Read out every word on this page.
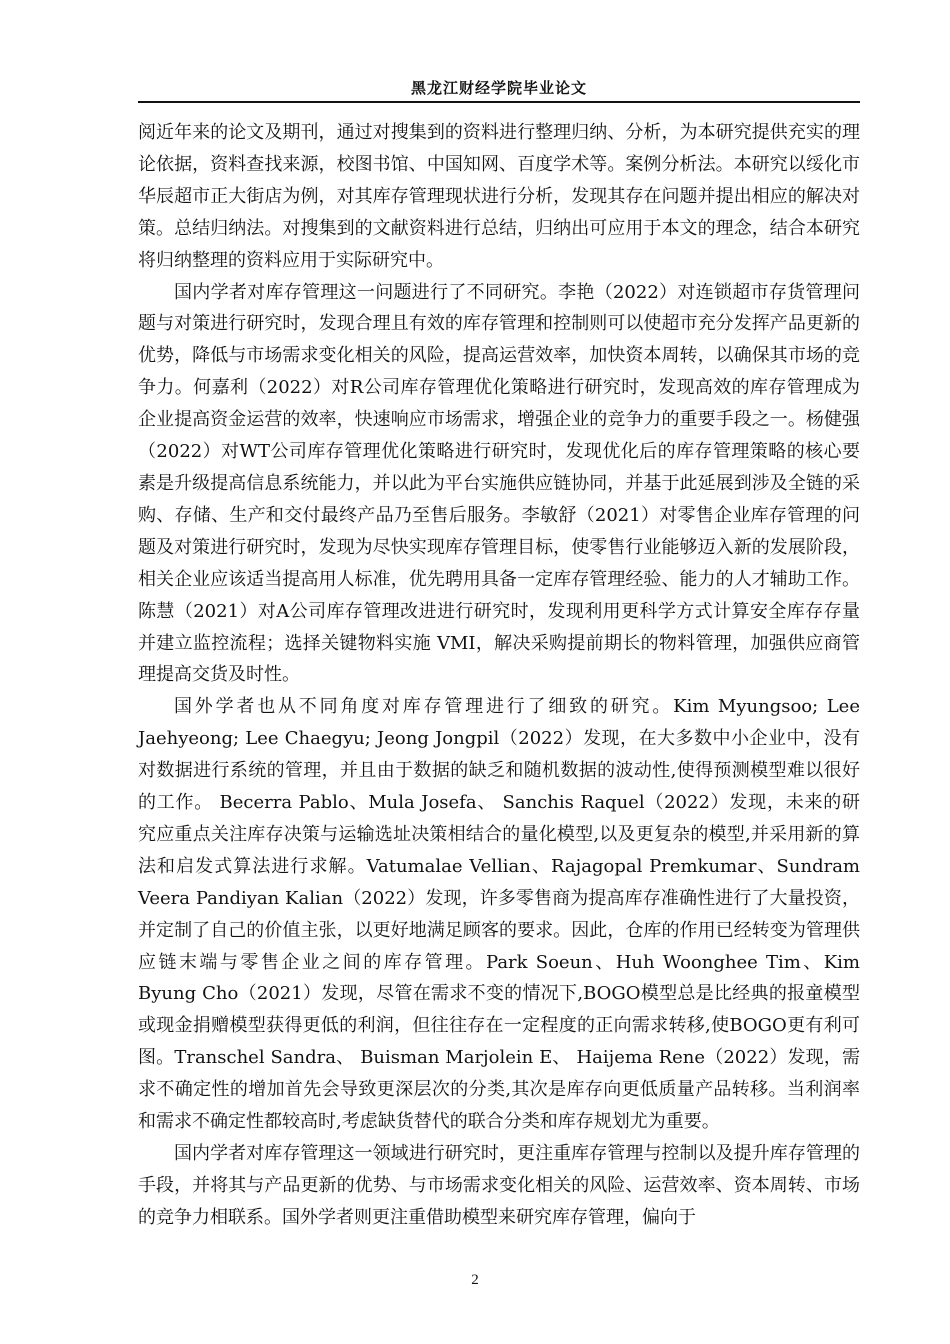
黑龙江财经学院毕业论文

阅近年来的论文及期刊，通过对搜集到的资料进行整理归纳、分析，为本研究提供充实的理论依据，资料查找来源，校图书馆、中国知网、百度学术等。案例分析法。本研究以绥化市华辰超市正大街店为例，对其库存管理现状进行分析，发现其存在问题并提出相应的解决对策。总结归纳法。对搜集到的文献资料进行总结，归纳出可应用于本文的理念，结合本研究将归纳整理的资料应用于实际研究中。

国内学者对库存管理这一问题进行了不同研究。李艳（2022）对连锁超市存货管理问题与对策进行研究时，发现合理且有效的库存管理和控制则可以使超市充分发挥产品更新的优势，降低与市场需求变化相关的风险，提高运营效率，加快资本周转，以确保其市场的竞争力。何嘉利（2022）对R公司库存管理优化策略进行研究时，发现高效的库存管理成为企业提高资金运营的效率，快速响应市场需求，增强企业的竞争力的重要手段之一。杨健强（2022）对WT公司库存管理优化策略进行研究时，发现优化后的库存管理策略的核心要素是升级提高信息系统能力，并以此为平台实施供应链协同，并基于此延展到涉及全链的采购、存储、生产和交付最终产品乃至售后服务。李敏舒（2021）对零售企业库存管理的问题及对策进行研究时，发现为尽快实现库存管理目标，使零售行业能够迈入新的发展阶段，相关企业应该适当提高用人标准，优先聘用具备一定库存管理经验、能力的人才辅助工作。陈慧（2021）对A公司库存管理改进进行研究时，发现利用更科学方式计算安全库存存量并建立监控流程；选择关键物料实施 VMI，解决采购提前期长的物料管理，加强供应商管理提高交货及时性。

国外学者也从不同角度对库存管理进行了细致的研究。Kim Myungsoo; Lee Jaehyeong; Lee Chaegyu; Jeong Jongpil（2022）发现，在大多数中小企业中，没有对数据进行系统的管理，并且由于数据的缺乏和随机数据的波动性,使得预测模型难以很好的工作。 Becerra Pablo、Mula Josefa、 Sanchis Raquel（2022）发现，未来的研究应重点关注库存决策与运输选址决策相结合的量化模型,以及更复杂的模型,并采用新的算法和启发式算法进行求解。Vatumalae Vellian、Rajagopal Premkumar、Sundram Veera Pandiyan Kalian（2022）发现，许多零售商为提高库存准确性进行了大量投资，并定制了自己的价值主张，以更好地满足顾客的要求。因此，仓库的作用已经转变为管理供应链末端与零售企业之间的库存管理。Park Soeun、Huh Woonghee Tim、Kim Byung Cho（2021）发现，尽管在需求不变的情况下,BOGO模型总是比经典的报童模型或现金捐赠模型获得更低的利润，但往往存在一定程度的正向需求转移,使BOGO更有利可图。Transchel Sandra、 Buisman Marjolein E、 Haijema Rene（2022）发现，需求不确定性的增加首先会导致更深层次的分类,其次是库存向更低质量产品转移。当利润率和需求不确定性都较高时,考虑缺货替代的联合分类和库存规划尤为重要。

国内学者对库存管理这一领域进行研究时，更注重库存管理与控制以及提升库存管理的手段，并将其与产品更新的优势、与市场需求变化相关的风险、运营效率、资本周转、市场的竞争力相联系。国外学者则更注重借助模型来研究库存管理，偏向于

2
